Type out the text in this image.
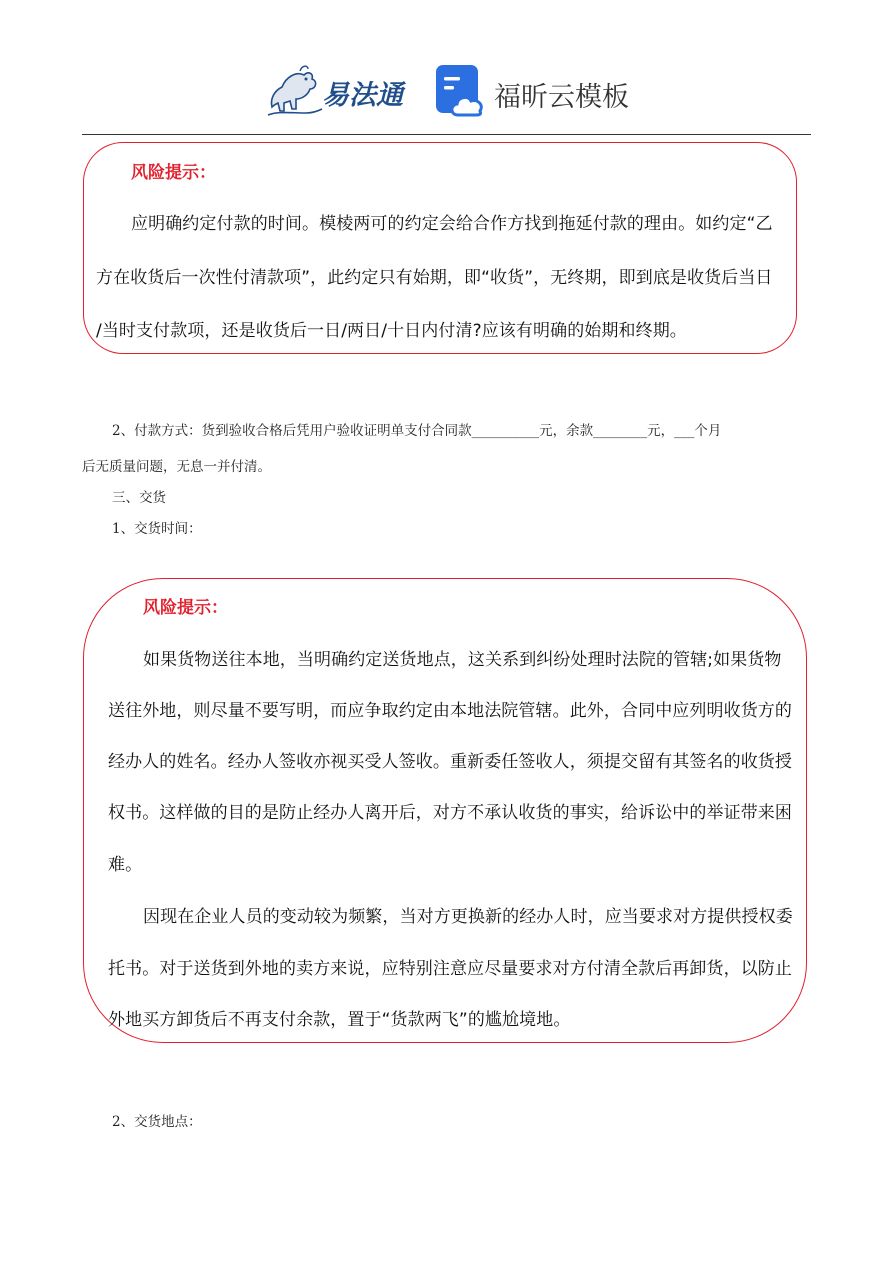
易法通	福昕云模板
风险提示：
应明确约定付款的时间。模棱两可的约定会给合作方找到拖延付款的理由。如约定“乙
方在收货后一次性付清款项”，此约定只有始期，即“收货”，无终期，即到底是收货后当日
/当时支付款项，还是收货后一日/两日/十日内付清?应该有明确的始期和终期。
2、付款方式：货到验收合格后凭用户验收证明单支付合同款__________元，余款________元，___个月
后无质量问题，无息一并付清。
三、交货
1、交货时间：
风险提示：
如果货物送往本地，当明确约定送货地点，这关系到纠纷处理时法院的管辖;如果货物
送往外地，则尽量不要写明，而应争取约定由本地法院管辖。此外，合同中应列明收货方的
经办人的姓名。经办人签收亦视买受人签收。重新委任签收人，须提交留有其签名的收货授
权书。这样做的目的是防止经办人离开后，对方不承认收货的事实，给诉讼中的举证带来困
难。
因现在企业人员的变动较为频繁，当对方更换新的经办人时，应当要求对方提供授权委
托书。对于送货到外地的卖方来说，应特别注意应尽量要求对方付清全款后再卸货，以防止
外地买方卸货后不再支付余款，置于“货款两飞”的尴尬境地。
2、交货地点：
